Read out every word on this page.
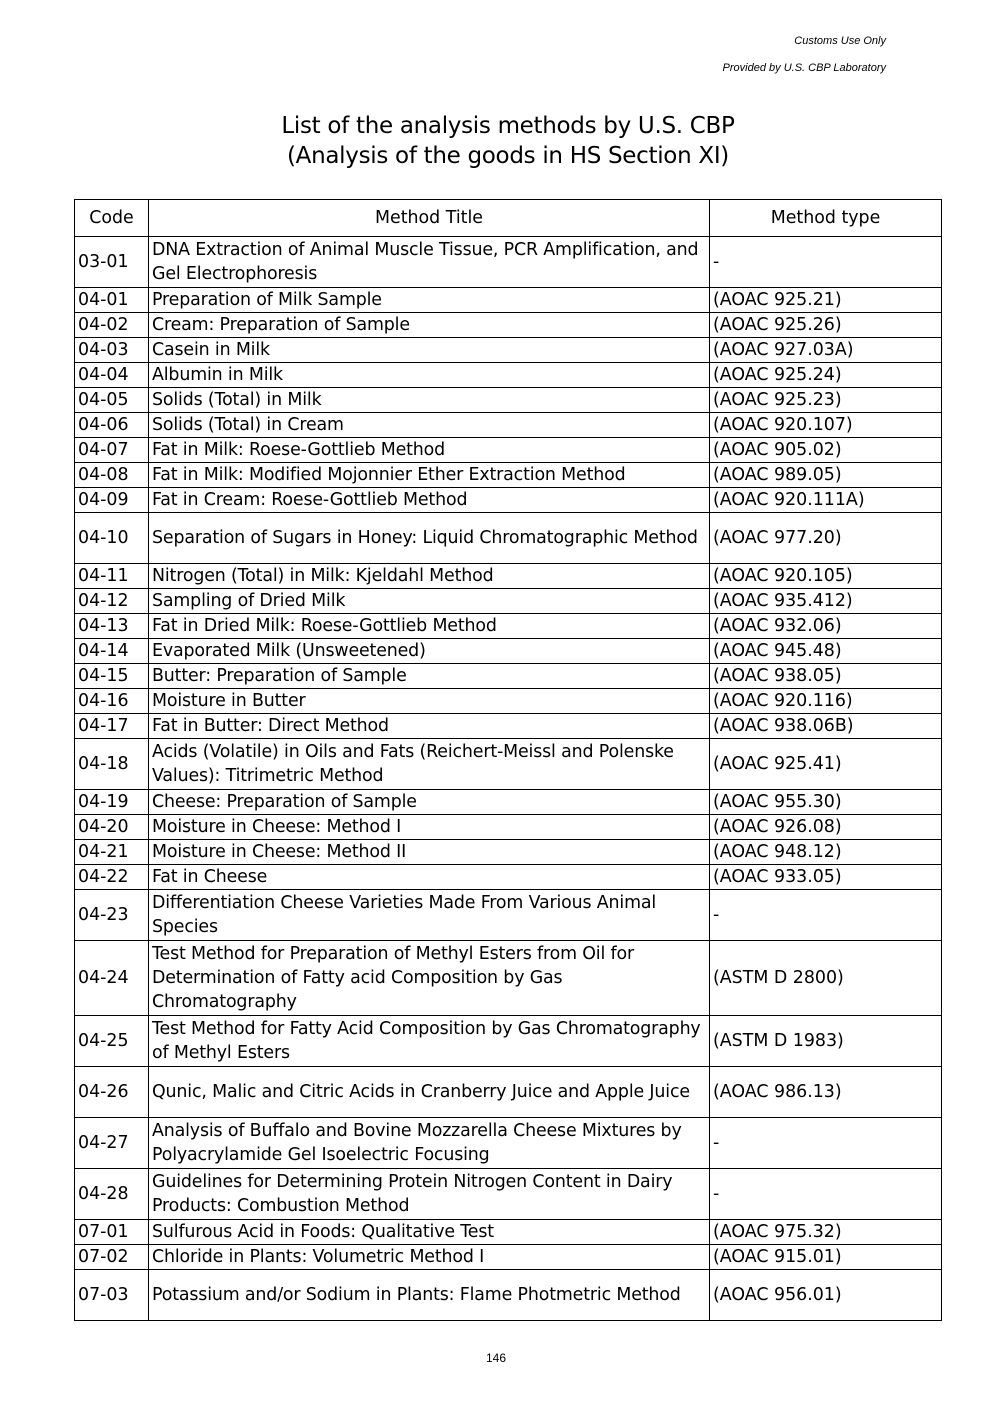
Customs Use Only
Provided by U.S. CBP Laboratory
List of the analysis methods by U.S. CBP
(Analysis of the goods in HS Section XI)
Code	Method Title	Method type
03-01	DNA Extraction of Animal Muscle Tissue, PCR Amplification, and Gel Electrophoresis	-
04-01	Preparation of Milk Sample	(AOAC 925.21)
04-02	Cream: Preparation of Sample	(AOAC 925.26)
04-03	Casein in Milk	(AOAC 927.03A)
04-04	Albumin in Milk	(AOAC 925.24)
04-05	Solids (Total) in Milk	(AOAC 925.23)
04-06	Solids (Total) in Cream	(AOAC 920.107)
04-07	Fat in Milk: Roese-Gottlieb Method	(AOAC 905.02)
04-08	Fat in Milk: Modified Mojonnier Ether Extraction Method	(AOAC 989.05)
04-09	Fat in Cream: Roese-Gottlieb Method	(AOAC 920.111A)
04-10	Separation of Sugars in Honey: Liquid Chromatographic Method	(AOAC 977.20)
04-11	Nitrogen (Total) in Milk: Kjeldahl Method	(AOAC 920.105)
04-12	Sampling of Dried Milk	(AOAC 935.412)
04-13	Fat in Dried Milk: Roese-Gottlieb Method	(AOAC 932.06)
04-14	Evaporated Milk (Unsweetened)	(AOAC 945.48)
04-15	Butter: Preparation of Sample	(AOAC 938.05)
04-16	Moisture in Butter	(AOAC 920.116)
04-17	Fat in Butter: Direct Method	(AOAC 938.06B)
04-18	Acids (Volatile) in Oils and Fats (Reichert-Meissl and Polenske Values): Titrimetric Method	(AOAC 925.41)
04-19	Cheese: Preparation of Sample	(AOAC 955.30)
04-20	Moisture in Cheese: Method I	(AOAC 926.08)
04-21	Moisture in Cheese: Method II	(AOAC 948.12)
04-22	Fat in Cheese	(AOAC 933.05)
04-23	Differentiation Cheese Varieties Made From Various Animal Species	-
04-24	Test Method for Preparation of Methyl Esters from Oil for Determination of Fatty acid Composition by Gas Chromatography	(ASTM D 2800)
04-25	Test Method for Fatty Acid Composition by Gas Chromatography of Methyl Esters	(ASTM D 1983)
04-26	Qunic, Malic and Citric Acids in Cranberry Juice and Apple Juice	(AOAC 986.13)
04-27	Analysis of Buffalo and Bovine Mozzarella Cheese Mixtures by Polyacrylamide Gel Isoelectric Focusing	-
04-28	Guidelines for Determining Protein Nitrogen Content in Dairy Products: Combustion Method	-
07-01	Sulfurous Acid in Foods: Qualitative Test	(AOAC 975.32)
07-02	Chloride in Plants: Volumetric Method I	(AOAC 915.01)
07-03	Potassium and/or Sodium in Plants: Flame Photmetric Method	(AOAC 956.01)
146
